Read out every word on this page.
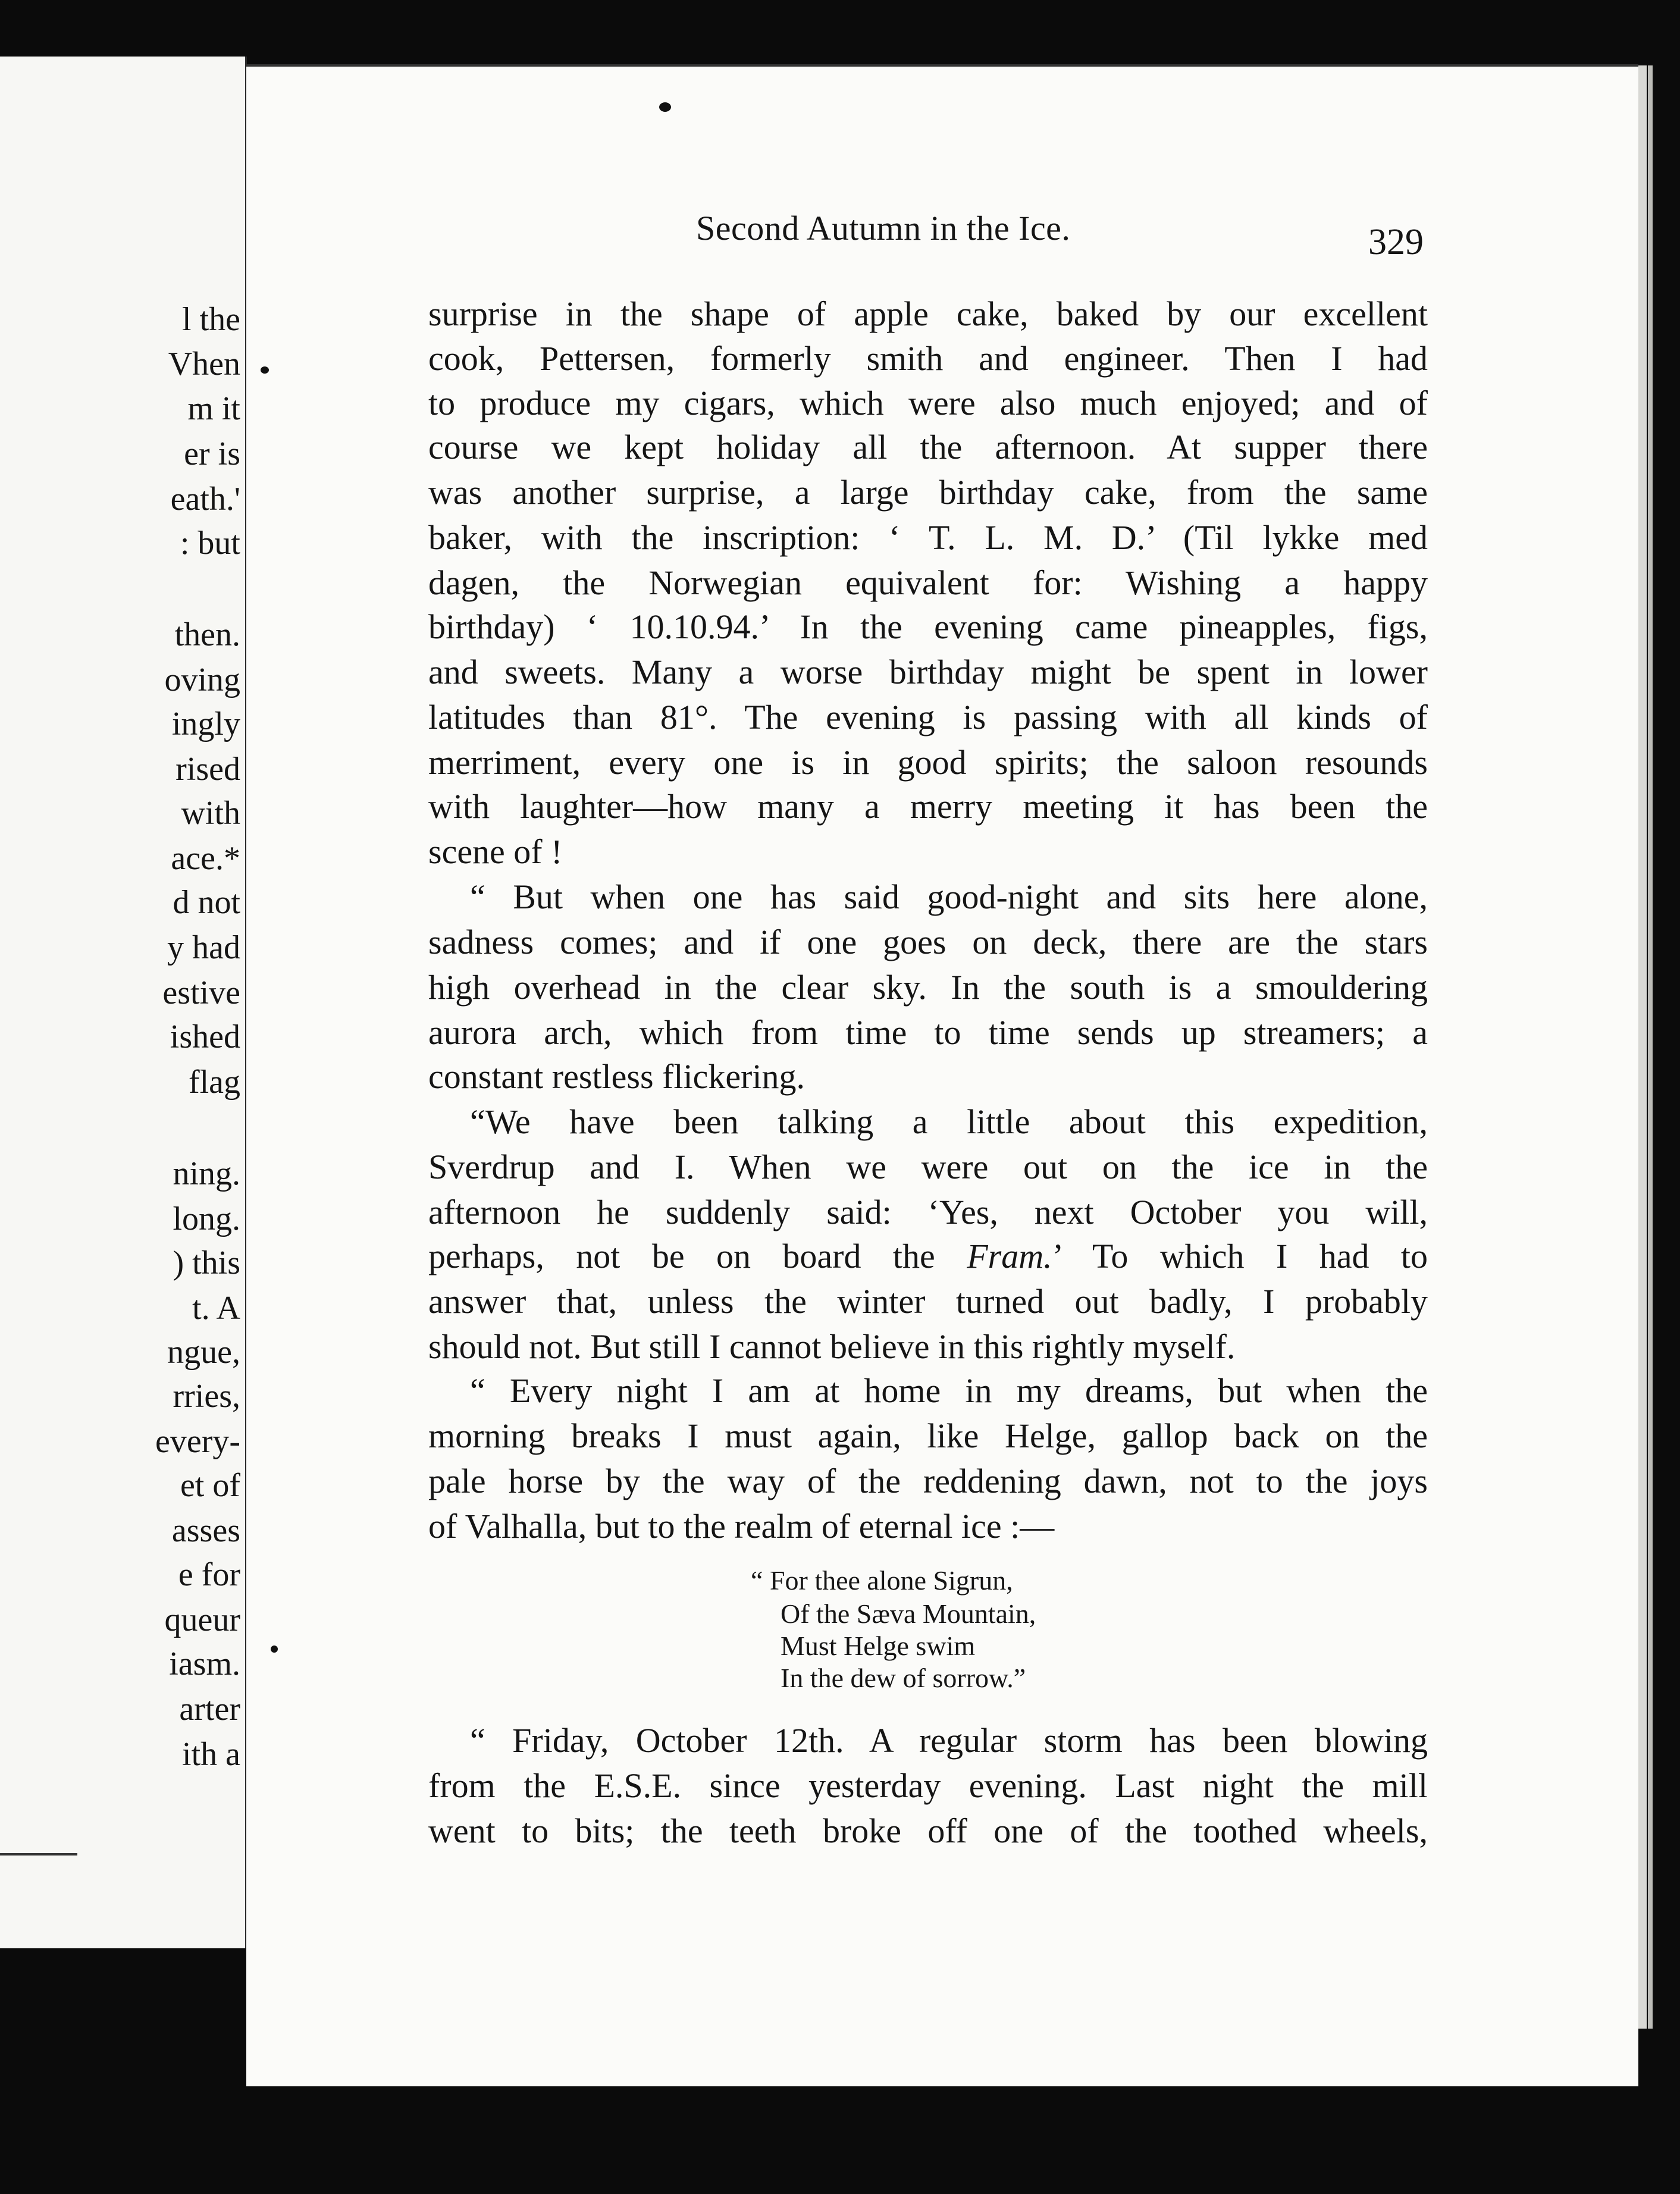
l the
Vhen
m it
er is
eath.'
: but
then.
oving
ingly
rised
with
ace.*
d not
y had
estive
ished
flag
ning.
long.
) this
t. A
ngue,
rries,
every-
et of
asses
e for
queur
iasm.
arter
ith a
Second Autumn in the Ice.	329
surprise in the shape of apple cake, baked by our excellent
cook, Pettersen, formerly smith and engineer. Then I had
to produce my cigars, which were also much enjoyed; and of
course we kept holiday all the afternoon. At supper there
was another surprise, a large birthday cake, from the same
baker, with the inscription: ‘ T. L. M. D.’ (Til lykke med
dagen, the Norwegian equivalent for: Wishing a happy
birthday) ‘ 10.10.94.’ In the evening came pineapples, figs,
and sweets. Many a worse birthday might be spent in lower
latitudes than 81°. The evening is passing with all kinds of
merriment, every one is in good spirits; the saloon resounds
with laughter—how many a merry meeting it has been the
scene of !
“ But when one has said good-night and sits here alone,
sadness comes; and if one goes on deck, there are the stars
high overhead in the clear sky. In the south is a smouldering
aurora arch, which from time to time sends up streamers; a
constant restless flickering.
“We have been talking a little about this expedition,
Sverdrup and I. When we were out on the ice in the
afternoon he suddenly said: ‘Yes, next October you will,
perhaps, not be on board the Fram.’ To which I had to
answer that, unless the winter turned out badly, I probably
should not. But still I cannot believe in this rightly myself.
“ Every night I am at home in my dreams, but when the
morning breaks I must again, like Helge, gallop back on the
pale horse by the way of the reddening dawn, not to the joys
of Valhalla, but to the realm of eternal ice :—
“ For thee alone Sigrun,
Of the Sæva Mountain,
Must Helge swim
In the dew of sorrow.”
“ Friday, October 12th. A regular storm has been blowing
from the E.S.E. since yesterday evening. Last night the mill
went to bits; the teeth broke off one of the toothed wheels,
